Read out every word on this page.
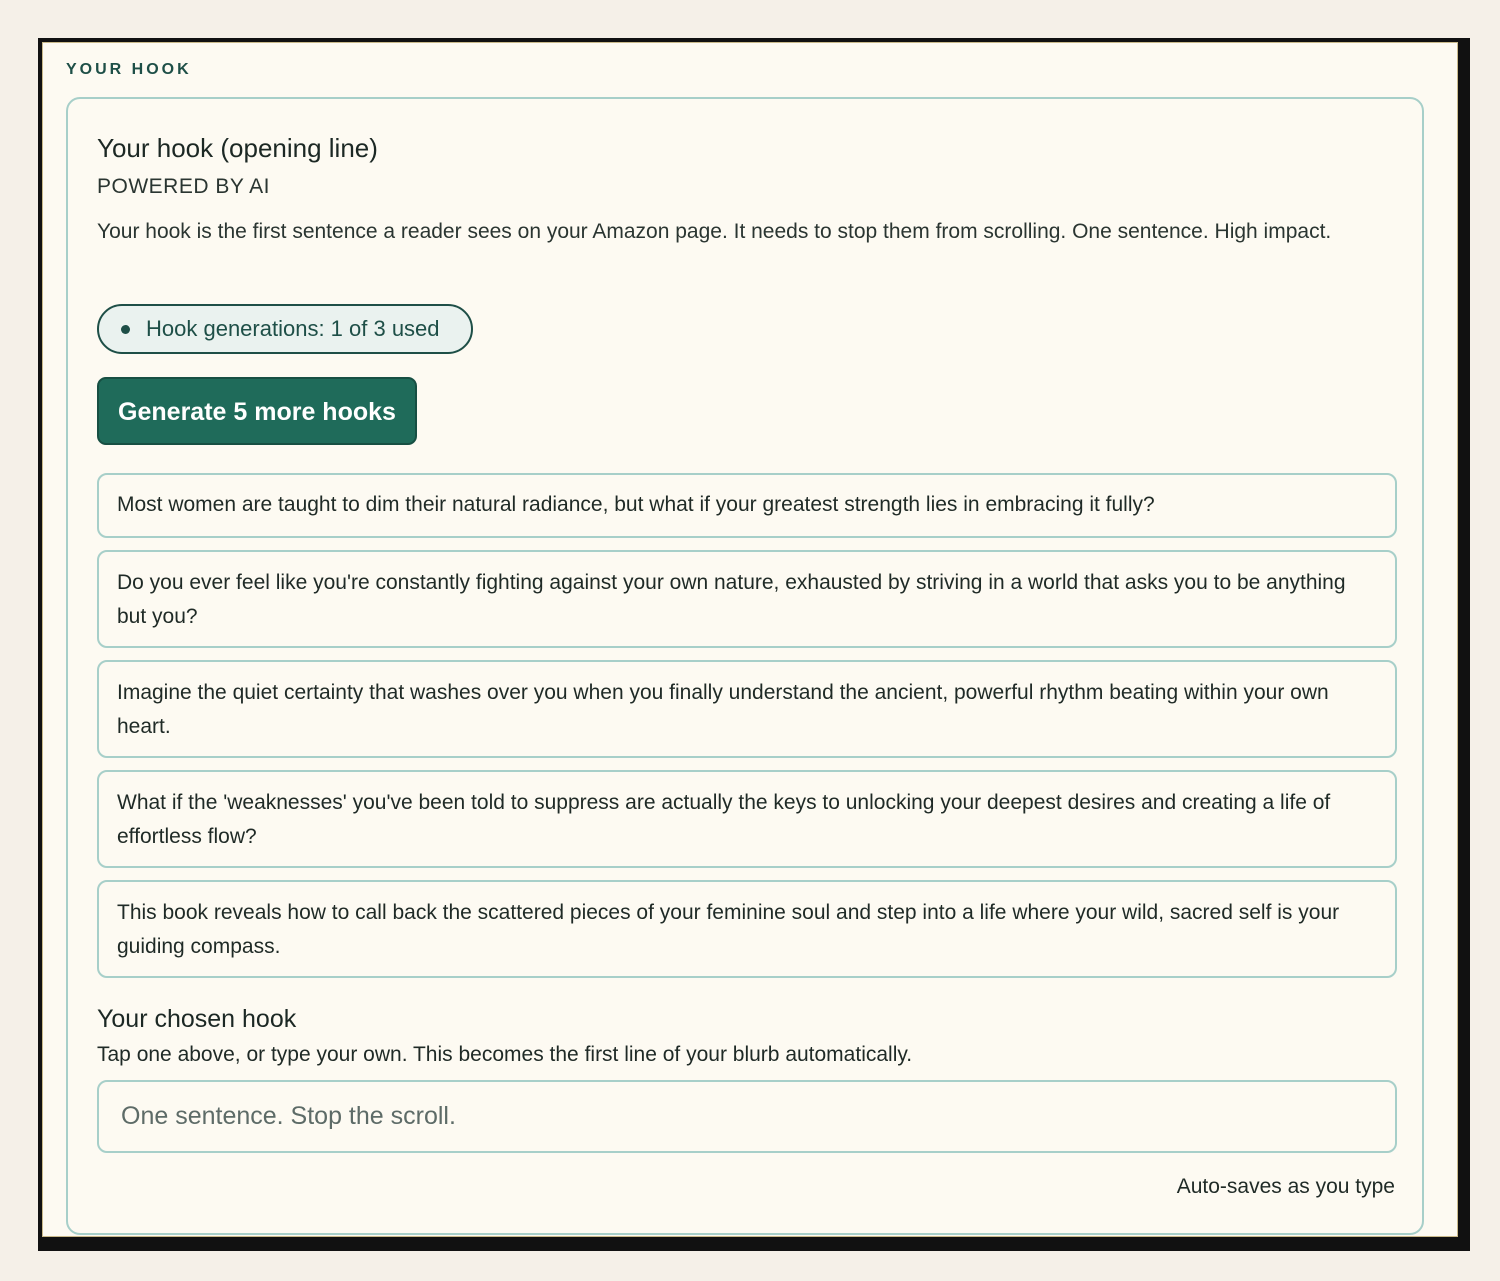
YOUR HOOK
Your hook (opening line)
POWERED BY AI
Your hook is the first sentence a reader sees on your Amazon page. It needs to stop them from scrolling. One sentence. High impact.
Hook generations: 1 of 3 used
Generate 5 more hooks
Most women are taught to dim their natural radiance, but what if your greatest strength lies in embracing it fully?
Do you ever feel like you're constantly fighting against your own nature, exhausted by striving in a world that asks you to be anything but you?
Imagine the quiet certainty that washes over you when you finally understand the ancient, powerful rhythm beating within your own heart.
What if the 'weaknesses' you've been told to suppress are actually the keys to unlocking your deepest desires and creating a life of effortless flow?
This book reveals how to call back the scattered pieces of your feminine soul and step into a life where your wild, sacred self is your guiding compass.
Your chosen hook
Tap one above, or type your own. This becomes the first line of your blurb automatically.
One sentence. Stop the scroll.
Auto-saves as you type
